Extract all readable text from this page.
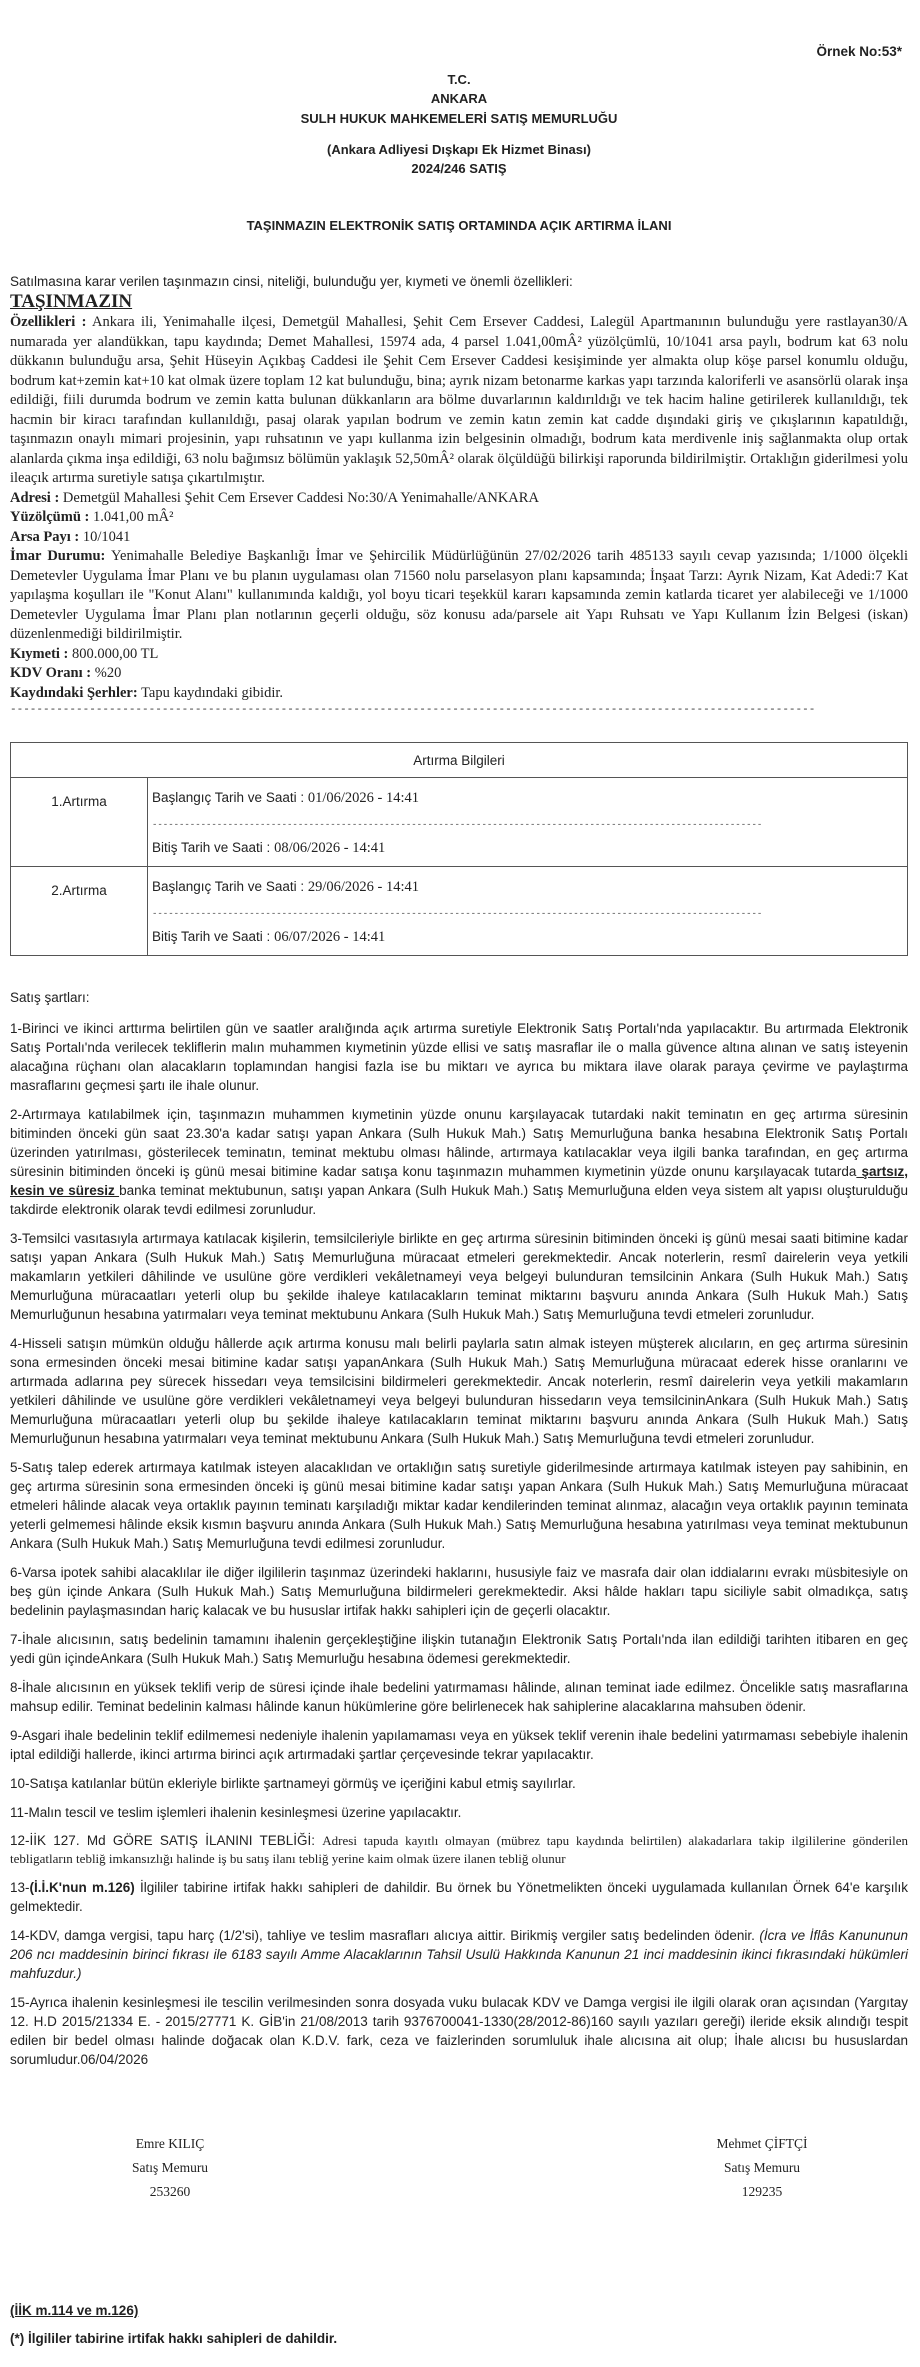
Örnek No:53*
T.C.
ANKARA
SULH HUKUK MAHKEMELERİ SATIŞ MEMURLUĞU
(Ankara Adliyesi Dışkapı Ek Hizmet Binası)
2024/246 SATIŞ
TAŞINMAZIN ELEKTRONİK SATIŞ ORTAMINDA AÇIK ARTIRMA İLANI
Satılmasına karar verilen taşınmazın cinsi, niteliği, bulunduğu yer, kıymeti ve önemli özellikleri:
TAŞINMAZIN
Özellikleri : Ankara ili, Yenimahalle ilçesi, Demetgül Mahallesi, Şehit Cem Ersever Caddesi, Lalegül Apartmanının bulunduğu yere rastlayan30/A numarada yer alandükkan, tapu kaydında; Demet Mahallesi, 15974 ada, 4 parsel 1.041,00mÂ² yüzölçümlü, 10/1041 arsa paylı, bodrum kat 63 nolu dükkanın bulunduğu arsa, Şehit Hüseyin Açıkbaş Caddesi ile Şehit Cem Ersever Caddesi kesişiminde yer almakta olup köşe parsel konumlu olduğu, bodrum kat+zemin kat+10 kat olmak üzere toplam 12 kat bulunduğu, bina; ayrık nizam betonarme karkas yapı tarzında kaloriferli ve asansörlü olarak inşa edildiği, fiili durumda bodrum ve zemin katta bulunan dükkanların ara bölme duvarlarının kaldırıldığı ve tek hacim haline getirilerek kullanıldığı, tek hacmin bir kiracı tarafından kullanıldığı, pasaj olarak yapılan bodrum ve zemin katın zemin kat cadde dışındaki giriş ve çıkışlarının kapatıldığı, taşınmazın onaylı mimari projesinin, yapı ruhsatının ve yapı kullanma izin belgesinin olmadığı, bodrum kata merdivenle iniş sağlanmakta olup ortak alanlarda çıkma inşa edildiği, 63 nolu bağımsız bölümün yaklaşık 52,50mÂ² olarak ölçüldüğü bilirkişi raporunda bildirilmiştir. Ortaklığın giderilmesi yolu ileaçık artırma suretiyle satışa çıkartılmıştır.
Adresi : Demetgül Mahallesi Şehit Cem Ersever Caddesi No:30/A Yenimahalle/ANKARA
Yüzölçümü : 1.041,00 mÂ²
Arsa Payı : 10/1041
İmar Durumu: Yenimahalle Belediye Başkanlığı İmar ve Şehircilik Müdürlüğünün 27/02/2026 tarih 485133 sayılı cevap yazısında; 1/1000 ölçekli Demetevler Uygulama İmar Planı ve bu planın uygulaması olan 71560 nolu parselasyon planı kapsamında; İnşaat Tarzı: Ayrık Nizam, Kat Adedi:7 Kat yapılaşma koşulları ile "Konut Alanı" kullanımında kaldığı, yol boyu ticari teşekkül kararı kapsamında zemin katlarda ticaret yer alabileceği ve 1/1000 Demetevler Uygulama İmar Planı plan notlarının geçerli olduğu, söz konusu ada/parsele ait Yapı Ruhsatı ve Yapı Kullanım İzin Belgesi (iskan) düzenlenmediği bildirilmiştir.
Kıymeti : 800.000,00 TL
KDV Oranı : %20
Kaydındaki Şerhler: Tapu kaydındaki gibidir.
--------------------------------------------------------------------------------------------------------------------------
Artırma Bilgileri	
1.Artırma	Başlangıç Tarih ve Saati : 01/06/2026 - 14:41
-----------------------------------------------------------------------------------------------------------------
Bitiş Tarih ve Saati : 08/06/2026 - 14:41

2.Artırma	Başlangıç Tarih ve Saati : 29/06/2026 - 14:41
-----------------------------------------------------------------------------------------------------------------
Bitiş Tarih ve Saati : 06/07/2026 - 14:41

Satış şartları:

1-Birinci ve ikinci arttırma belirtilen gün ve saatler aralığında açık artırma suretiyle Elektronik Satış Portalı'nda yapılacaktır. Bu artırmada Elektronik Satış Portalı'nda verilecek tekliflerin malın muhammen kıymetinin yüzde ellisi ve satış masraflar ile o malla güvence altına alınan ve satış isteyenin alacağına rüçhanı olan alacakların toplamından hangisi fazla ise bu miktarı ve ayrıca bu miktara ilave olarak paraya çevirme ve paylaştırma masraflarını geçmesi şartı ile ihale olunur.

2-Artırmaya katılabilmek için, taşınmazın muhammen kıymetinin yüzde onunu karşılayacak tutardaki nakit teminatın en geç artırma süresinin bitiminden önceki gün saat 23.30'a kadar satışı yapan Ankara (Sulh Hukuk Mah.) Satış Memurluğuna banka hesabına Elektronik Satış Portalı üzerinden yatırılması, gösterilecek teminatın, teminat mektubu olması hâlinde, artırmaya katılacaklar veya ilgili banka tarafından, en geç artırma süresinin bitiminden önceki iş günü mesai bitimine kadar satışa konu taşınmazın muhammen kıymetinin yüzde onunu karşılayacak tutarda şartsız, kesin ve süresiz banka teminat mektubunun, satışı yapan Ankara (Sulh Hukuk Mah.) Satış Memurluğuna elden veya sistem alt yapısı oluşturulduğu takdirde elektronik olarak tevdi edilmesi zorunludur.

3-Temsilci vasıtasıyla artırmaya katılacak kişilerin, temsilcileriyle birlikte en geç artırma süresinin bitiminden önceki iş günü mesai saati bitimine kadar satışı yapan Ankara (Sulh Hukuk Mah.) Satış Memurluğuna müracaat etmeleri gerekmektedir. Ancak noterlerin, resmî dairelerin veya yetkili makamların yetkileri dâhilinde ve usulüne göre verdikleri vekâletnameyi veya belgeyi bulunduran temsilcinin Ankara (Sulh Hukuk Mah.) Satış Memurluğuna müracaatları yeterli olup bu şekilde ihaleye katılacakların teminat miktarını başvuru anında Ankara (Sulh Hukuk Mah.) Satış Memurluğunun hesabına yatırmaları veya teminat mektubunu Ankara (Sulh Hukuk Mah.) Satış Memurluğuna tevdi etmeleri zorunludur.

4-Hisseli satışın mümkün olduğu hâllerde açık artırma konusu malı belirli paylarla satın almak isteyen müşterek alıcıların, en geç artırma süresinin sona ermesinden önceki mesai bitimine kadar satışı yapanAnkara (Sulh Hukuk Mah.) Satış Memurluğuna müracaat ederek hisse oranlarını ve artırmada adlarına pey sürecek hissedarı veya temsilcisini bildirmeleri gerekmektedir. Ancak noterlerin, resmî dairelerin veya yetkili makamların yetkileri dâhilinde ve usulüne göre verdikleri vekâletnameyi veya belgeyi bulunduran hissedarın veya temsilcininAnkara (Sulh Hukuk Mah.) Satış Memurluğuna müracaatları yeterli olup bu şekilde ihaleye katılacakların teminat miktarını başvuru anında Ankara (Sulh Hukuk Mah.) Satış Memurluğunun hesabına yatırmaları veya teminat mektubunu Ankara (Sulh Hukuk Mah.) Satış Memurluğuna tevdi etmeleri zorunludur.

5-Satış talep ederek artırmaya katılmak isteyen alacaklıdan ve ortaklığın satış suretiyle giderilmesinde artırmaya katılmak isteyen pay sahibinin, en geç artırma süresinin sona ermesinden önceki iş günü mesai bitimine kadar satışı yapan Ankara (Sulh Hukuk Mah.) Satış Memurluğuna müracaat etmeleri hâlinde alacak veya ortaklık payının teminatı karşıladığı miktar kadar kendilerinden teminat alınmaz, alacağın veya ortaklık payının teminata yeterli gelmemesi hâlinde eksik kısmın başvuru anında Ankara (Sulh Hukuk Mah.) Satış Memurluğuna hesabına yatırılması veya teminat mektubunun Ankara (Sulh Hukuk Mah.) Satış Memurluğuna tevdi edilmesi zorunludur.

6-Varsa ipotek sahibi alacaklılar ile diğer ilgililerin taşınmaz üzerindeki haklarını, hususiyle faiz ve masrafa dair olan iddialarını evrakı müsbitesiyle on beş gün içinde Ankara (Sulh Hukuk Mah.) Satış Memurluğuna bildirmeleri gerekmektedir. Aksi hâlde hakları tapu siciliyle sabit olmadıkça, satış bedelinin paylaşmasından hariç kalacak ve bu hususlar irtifak hakkı sahipleri için de geçerli olacaktır.

7-İhale alıcısının, satış bedelinin tamamını ihalenin gerçekleştiğine ilişkin tutanağın Elektronik Satış Portalı'nda ilan edildiği tarihten itibaren en geç yedi gün içindeAnkara (Sulh Hukuk Mah.) Satış Memurluğu hesabına ödemesi gerekmektedir.

8-İhale alıcısının en yüksek teklifi verip de süresi içinde ihale bedelini yatırmaması hâlinde, alınan teminat iade edilmez. Öncelikle satış masraflarına mahsup edilir. Teminat bedelinin kalması hâlinde kanun hükümlerine göre belirlenecek hak sahiplerine alacaklarına mahsuben ödenir.

9-Asgari ihale bedelinin teklif edilmemesi nedeniyle ihalenin yapılamaması veya en yüksek teklif verenin ihale bedelini yatırmaması sebebiyle ihalenin iptal edildiği hallerde, ikinci artırma birinci açık artırmadaki şartlar çerçevesinde tekrar yapılacaktır.

10-Satışa katılanlar bütün ekleriyle birlikte şartnameyi görmüş ve içeriğini kabul etmiş sayılırlar.

11-Malın tescil ve teslim işlemleri ihalenin kesinleşmesi üzerine yapılacaktır.

12-İİK 127. Md GÖRE SATIŞ İLANINI TEBLİĞİ: Adresi tapuda kayıtlı olmayan (mübrez tapu kaydında belirtilen) alakadarlara takip ilgililerine gönderilen tebligatların tebliğ imkansızlığı halinde iş bu satış ilanı tebliğ yerine kaim olmak üzere ilanen tebliğ olunur

13-(İ.İ.K'nun m.126) İlgililer tabirine irtifak hakkı sahipleri de dahildir. Bu örnek bu Yönetmelikten önceki uygulamada kullanılan Örnek 64'e karşılık gelmektedir.

14-KDV, damga vergisi, tapu harç (1/2'si), tahliye ve teslim masrafları alıcıya aittir. Birikmiş vergiler satış bedelinden ödenir. (İcra ve İflâs Kanununun 206 ncı maddesinin birinci fıkrası ile 6183 sayılı Amme Alacaklarının Tahsil Usulü Hakkında Kanunun 21 inci maddesinin ikinci fıkrasındaki hükümleri mahfuzdur.)

15-Ayrıca ihalenin kesinleşmesi ile tescilin verilmesinden sonra dosyada vuku bulacak KDV ve Damga vergisi ile ilgili olarak oran açısından (Yargıtay 12. H.D 2015/21334 E. - 2015/27771 K. GİB'in 21/08/2013 tarih 9376700041-1330(28/2012-86)160 sayılı yazıları gereği) ileride eksik alındığı tespit edilen bir bedel olması halinde doğacak olan K.D.V. fark, ceza ve faizlerinden sorumluluk ihale alıcısına ait olup; İhale alıcısı bu hususlardan sorumludur.06/04/2026

Emre KILIÇ
Satış Memuru
253260
Mehmet ÇİFTÇİ
Satış Memuru
129235
(İİK m.114 ve m.126)
(*) İlgililer tabirine irtifak hakkı sahipleri de dahildir.
